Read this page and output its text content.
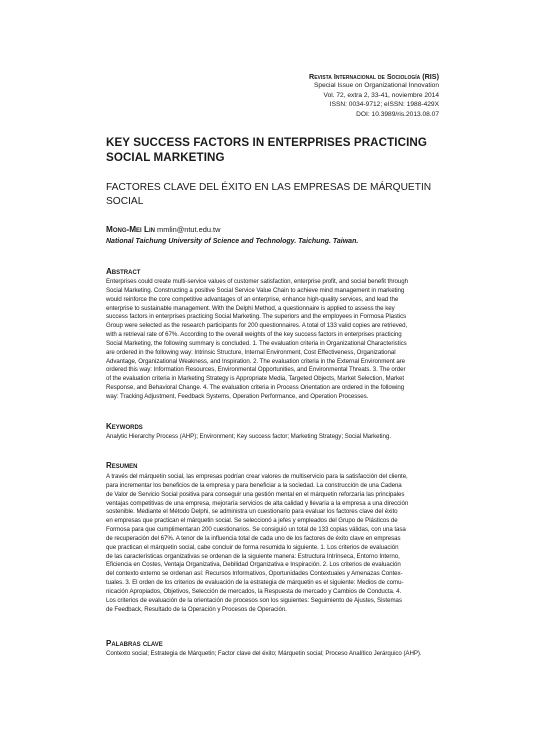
Revista Internacional de Sociología (RIS)
Special Issue on Organizational Innovation
Vol. 72, extra 2, 33-41, noviembre 2014
ISSN: 0034-9712; eISSN: 1988-429X
DOI: 10.3989/ris.2013.08.07
KEY SUCCESS FACTORS IN ENTERPRISES PRACTICING SOCIAL MARKETING
FACTORES CLAVE DEL ÉXITO EN LAS EMPRESAS DE MÁRQUETIN SOCIAL
Mong-Mei Lin mmlin@ntut.edu.tw
National Taichung University of Science and Technology. Taichung. Taiwan.
Abstract
Enterprises could create multi-service values of customer satisfaction, enterprise profit, and social benefit through
Social Marketing. Constructing a positive Social Service Value Chain to achieve mind management in marketing
would reinforce the core competitive advantages of an enterprise, enhance high-quality services, and lead the
enterprise to sustainable management. With the Delphi Method, a questionnaire is applied to assess the key
success factors in enterprises practicing Social Marketing. The superiors and the employees in Formosa Plastics
Group were selected as the research participants for 200 questionnaires. A total of 133 valid copies are retrieved,
with a retrieval rate of 67%. According to the overall weights of the key success factors in enterprises practicing
Social Marketing, the following summary is concluded. 1. The evaluation criteria in Organizational Characteristics
are ordered in the following way: Intrinsic Structure, Internal Environment, Cost Effectiveness, Organizational
Advantage, Organizational Weakness, and Inspiration. 2. The evaluation criteria in the External Environment are
ordered this way: Information Resources, Environmental Opportunities, and Environmental Threats. 3. The order
of the evaluation criteria in Marketing Strategy is Appropriate Media, Targeted Objects, Market Selection, Market
Response, and Behavioral Change. 4. The evaluation criteria in Process Orientation are ordered in the following
way: Tracking Adjustment, Feedback Systems, Operation Performance, and Operation Processes.
Keywords
Analytic Hierarchy Process (AHP); Environment; Key success factor; Marketing Strategy; Social Marketing.
Resumen
A través del márquetin social, las empresas podrían crear valores de multiservicio para la satisfacción del cliente,
para incrementar los beneficios de la empresa y para beneficiar a la sociedad. La construcción de una Cadena
de Valor de Servicio Social positiva para conseguir una gestión mental en el márquetin reforzaría las principales
ventajas competitivas de una empresa, mejoraría servicios de alta calidad y llevaría a la empresa a una dirección
sostenible. Mediante el Método Delphi, se administra un cuestionario para evaluar los factores clave del éxito
en empresas que practican el márquetin social. Se seleccionó a jefes y empleados del Grupo de Plásticos de
Formosa para que cumplimentaran 200 cuestionarios. Se consiguió un total de 133 copias válidas, con una tasa
de recuperación del 67%. A tenor de la influencia total de cada uno de los factores de éxito clave en empresas
que practican el márquetin social, cabe concluir de forma resumida lo siguiente. 1. Los criterios de evaluación
de las características organizativas se ordenan de la siguiente manera: Estructura Intrínseca, Entorno Interno,
Eficiencia en Costes, Ventaja Organizativa, Debilidad Organizativa e Inspiración. 2. Los criterios de evaluación
del contexto externo se ordenan así: Recursos Informativos, Oportunidades Contextuales y Amenazas Contex-
tuales. 3. El orden de los criterios de evaluación de la estrategia de márquetin es el siguiente: Medios de comu-
nicación Apropiados, Objetivos, Selección de mercados, la Respuesta de mercado y Cambios de Conducta. 4.
Los criterios de evaluación de la orientación de procesos son los siguientes: Seguimiento de Ajustes, Sistemas
de Feedback, Resultado de la Operación y Procesos de Operación.
Palabras clave
Contexto social; Estrategia de Márquetin; Factor clave del éxito; Márquetin social; Proceso Analítico Jerárquico (AHP).
